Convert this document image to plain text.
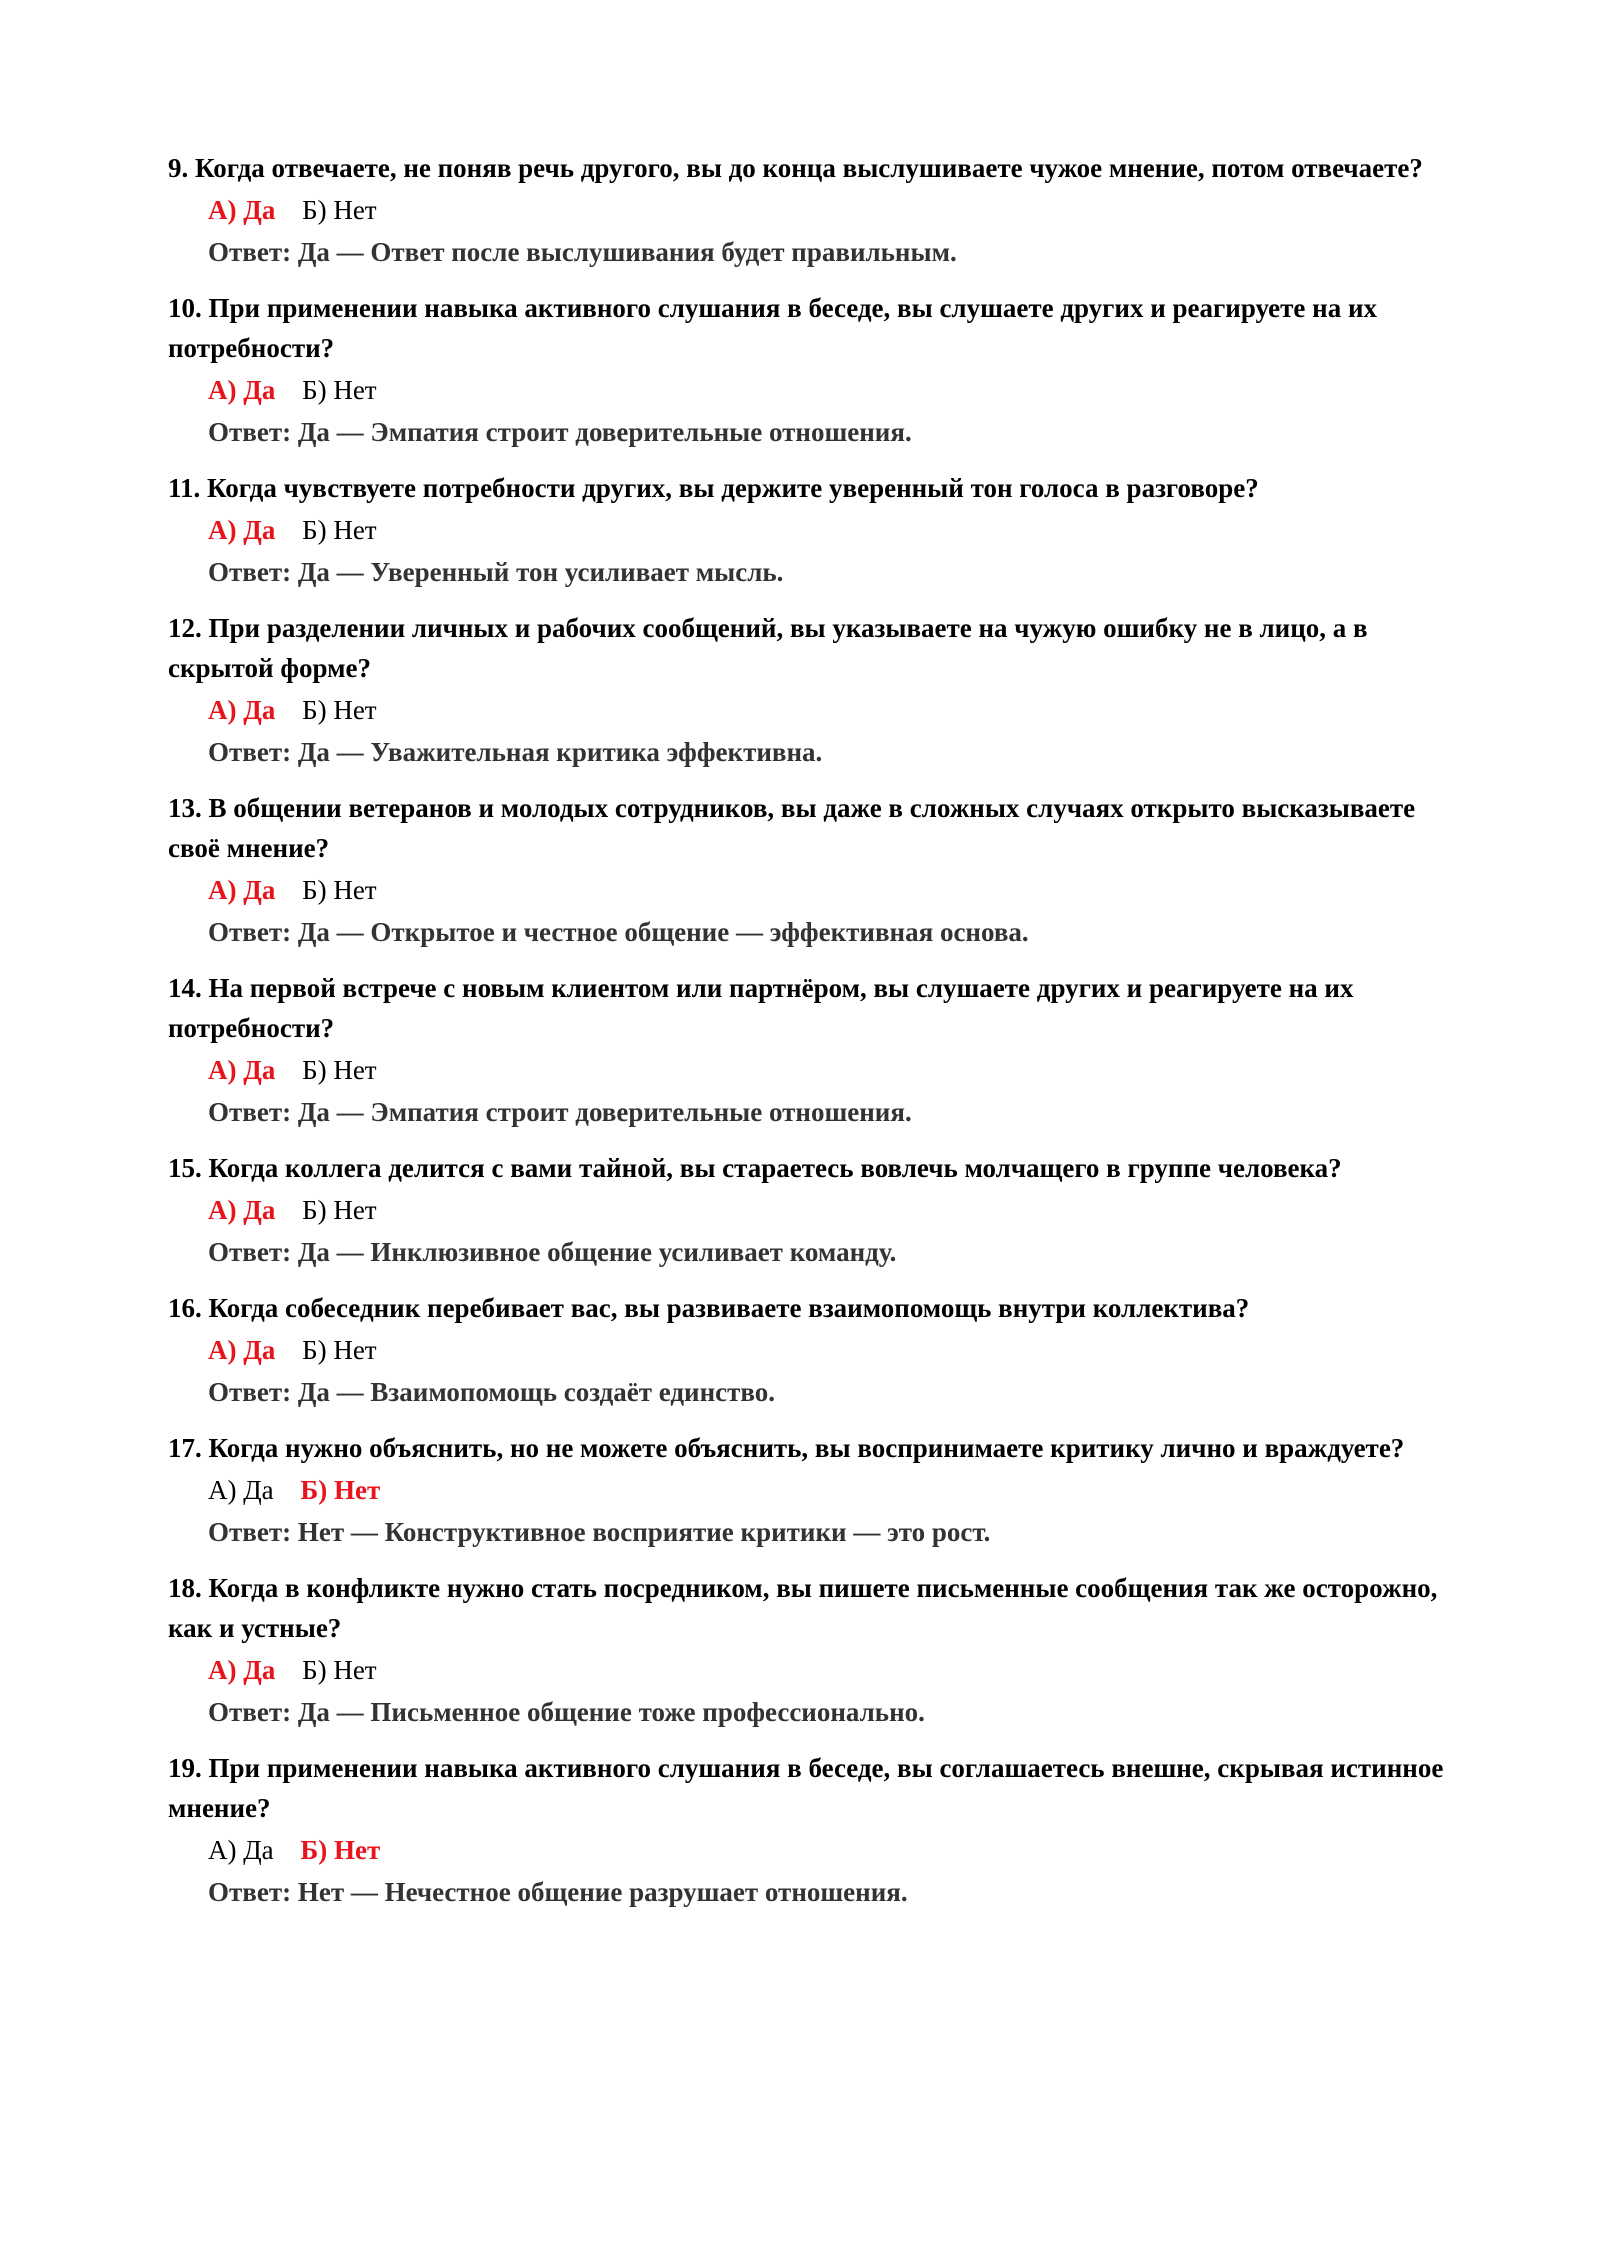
9. Когда отвечаете, не поняв речь другого, вы до конца выслушиваете чужое мнение, потом отвечаете?

А) Да Б) Нет
Ответ: Да — Ответ после выслушивания будет правильным.

10. При применении навыка активного слушания в беседе, вы слушаете других и реагируете на их потребности?

А) Да Б) Нет
Ответ: Да — Эмпатия строит доверительные отношения.

11. Когда чувствуете потребности других, вы держите уверенный тон голоса в разговоре?

А) Да Б) Нет
Ответ: Да — Уверенный тон усиливает мысль.

12. При разделении личных и рабочих сообщений, вы указываете на чужую ошибку не в лицо, а в скрытой форме?

А) Да Б) Нет
Ответ: Да — Уважительная критика эффективна.

13. В общении ветеранов и молодых сотрудников, вы даже в сложных случаях открыто высказываете своё мнение?

А) Да Б) Нет
Ответ: Да — Открытое и честное общение — эффективная основа.

14. На первой встрече с новым клиентом или партнёром, вы слушаете других и реагируете на их потребности?

А) Да Б) Нет
Ответ: Да — Эмпатия строит доверительные отношения.

15. Когда коллега делится с вами тайной, вы стараетесь вовлечь молчащего в группе человека?

А) Да Б) Нет
Ответ: Да — Инклюзивное общение усиливает команду.

16. Когда собеседник перебивает вас, вы развиваете взаимопомощь внутри коллектива?

А) Да Б) Нет
Ответ: Да — Взаимопомощь создаёт единство.

17. Когда нужно объяснить, но не можете объяснить, вы воспринимаете критику лично и враждуете?

А) Да Б) Нет
Ответ: Нет — Конструктивное восприятие критики — это рост.

18. Когда в конфликте нужно стать посредником, вы пишете письменные сообщения так же осторожно, как и устные?

А) Да Б) Нет
Ответ: Да — Письменное общение тоже профессионально.

19. При применении навыка активного слушания в беседе, вы соглашаетесь внешне, скрывая истинное мнение?

А) Да Б) Нет
Ответ: Нет — Нечестное общение разрушает отношения.
